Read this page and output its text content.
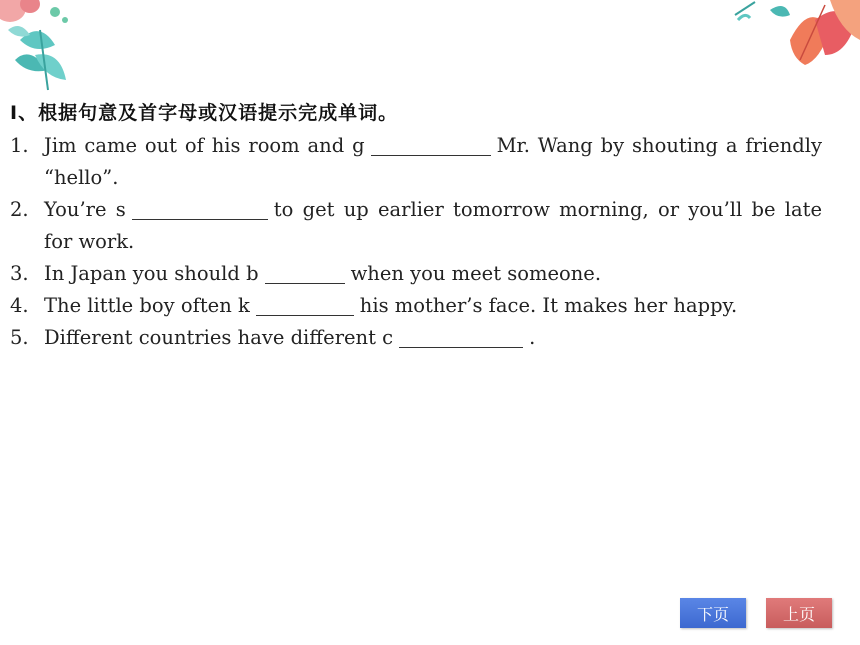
Ⅰ、根据句意及首字母或汉语提示完成单词。
1. Jim came out of his room and g	Mr. Wang by shouting a friendly “hello”.
2. You’re s	to get up earlier tomorrow morning, or you’ll be late for work.
3. In Japan you should b	when you meet someone.
4. The little boy often k	his mother’s face. It makes her happy.
5. Different countries have different c	.
下页	上页
